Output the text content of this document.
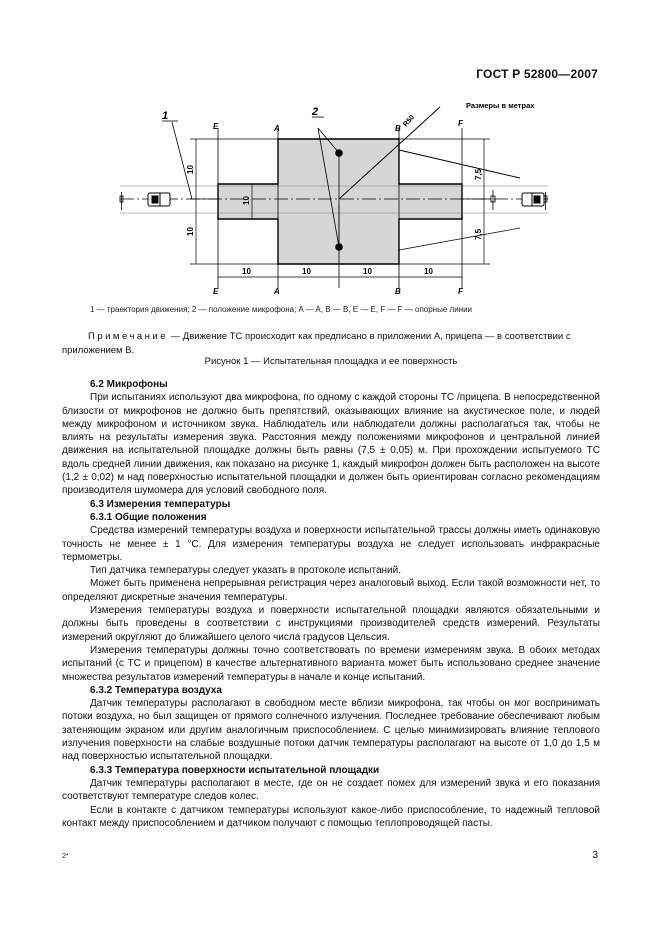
ГОСТ Р 52800—2007
1	2
E	A	B
F
E	A	B	F
Размеры в метрах
R50
10
10
10
7,5
7,5
10	10	10	10
1 — траектория движения; 2 — положение микрофона; A — A, B — B, E — E, F — F — опорные линии
Примечание — Движение ТС происходит как предписано в приложении А, прицепа — в соответствии с приложением В.
Рисунок 1 — Испытательная площадка и ее поверхность
6.2 Микрофоны

При испытаниях используют два микрофона, по одному с каждой стороны ТС /прицепа. В непосредственной близости от микрофонов не должно быть препятствий, оказывающих влияние на акустическое поле, и людей между микрофоном и источником звука. Наблюдатель или наблюдатели должны располагаться так, чтобы не влиять на результаты измерения звука. Расстояния между положениями микрофонов и центральной линией движения на испытательной площадке должны быть равны (7,5 ± 0,05) м. При прохождении испытуемого ТС вдоль средней линии движения, как показано на рисунке 1, каждый микрофон должен быть расположен на высоте (1,2 ± 0,02) м над поверхностью испытательной площадки и должен быть ориентирован согласно рекомендациям производителя шумомера для условий свободного поля.

6.3 Измерения температуры
6.3.1 Общие положения

Средства измерений температуры воздуха и поверхности испытательной трассы должны иметь одинаковую точность не менее ± 1 °С. Для измерения температуры воздуха не следует использовать инфракрасные термометры.

Тип датчика температуры следует указать в протоколе испытаний.

Может быть применена непрерывная регистрация через аналоговый выход. Если такой возможности нет, то определяют дискретные значения температуры.

Измерения температуры воздуха и поверхности испытательной площадки являются обязательными и должны быть проведены в соответствии с инструкциями производителей средств измерений. Результаты измерений округляют до ближайшего целого числа градусов Цельсия.

Измерения температуры должны точно соответствовать по времени измерениям звука. В обоих методах испытаний (с ТС и прицепом) в качестве альтернативного варианта может быть использовано среднее значение множества результатов измерений температуры в начале и конце испытаний.

6.3.2 Температура воздуха

Датчик температуры располагают в свободном месте вблизи микрофона, так чтобы он мог воспринимать потоки воздуха, но был защищен от прямого солнечного излучения. Последнее требование обеспечивают любым затеняющим экраном или другим аналогичным приспособлением. С целью минимизировать влияние теплового излучения поверхности на слабые воздушные потоки датчик температуры располагают на высоте от 1,0 до 1,5 м над поверхностью испытательной площадки.

6.3.3 Температура поверхности испытательной площадки

Датчик температуры располагают в месте, где он не создает помех для измерений звука и его показания соответствуют температуре следов колес.

Если в контакте с датчиком температуры используют какое-либо приспособление, то надежный тепловой контакт между приспособлением и датчиком получают с помощью теплопроводящей пасты.

2*	3
